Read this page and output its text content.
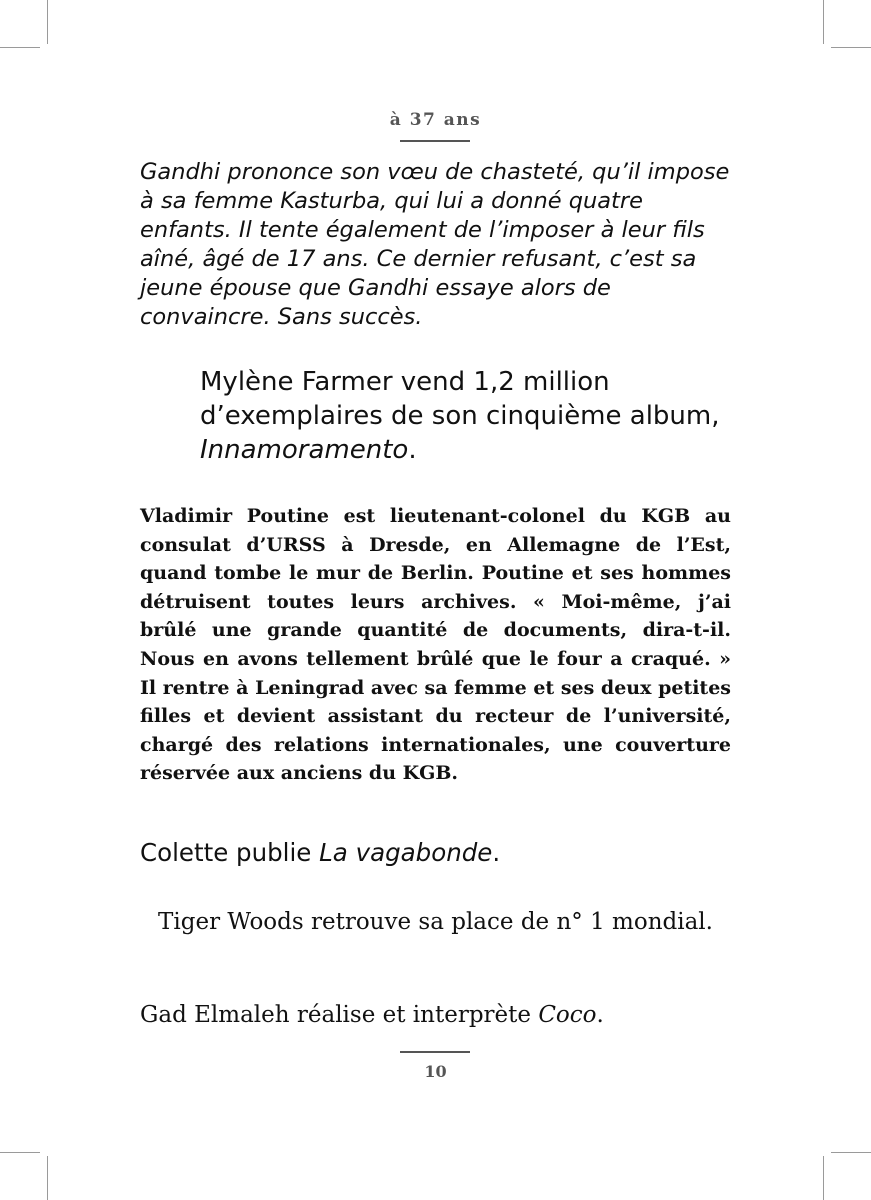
à 37 ans

Gandhi prononce son vœu de chasteté, qu’il impose à sa femme Kasturba, qui lui a donné quatre enfants. Il tente également de l’imposer à leur fils aîné, âgé de 17 ans. Ce dernier refusant, c’est sa jeune épouse que Gandhi essaye alors de convaincre. Sans succès.

Mylène Farmer vend 1,2 million d’exemplaires de son cinquième album, Innamoramento.

Vladimir Poutine est lieutenant-colonel du KGB au consulat d’URSS à Dresde, en Allemagne de l’Est, quand tombe le mur de Berlin. Poutine et ses hommes détruisent toutes leurs archives. « Moi-même, j’ai brûlé une grande quantité de documents, dira-t-il. Nous en avons tellement brûlé que le four a craqué. » Il rentre à Leningrad avec sa femme et ses deux petites filles et devient assistant du recteur de l’université, chargé des relations internationales, une couverture réservée aux anciens du KGB.

Colette publie La vagabonde.

Tiger Woods retrouve sa place de n° 1 mondial.

Gad Elmaleh réalise et interprète Coco.

10
